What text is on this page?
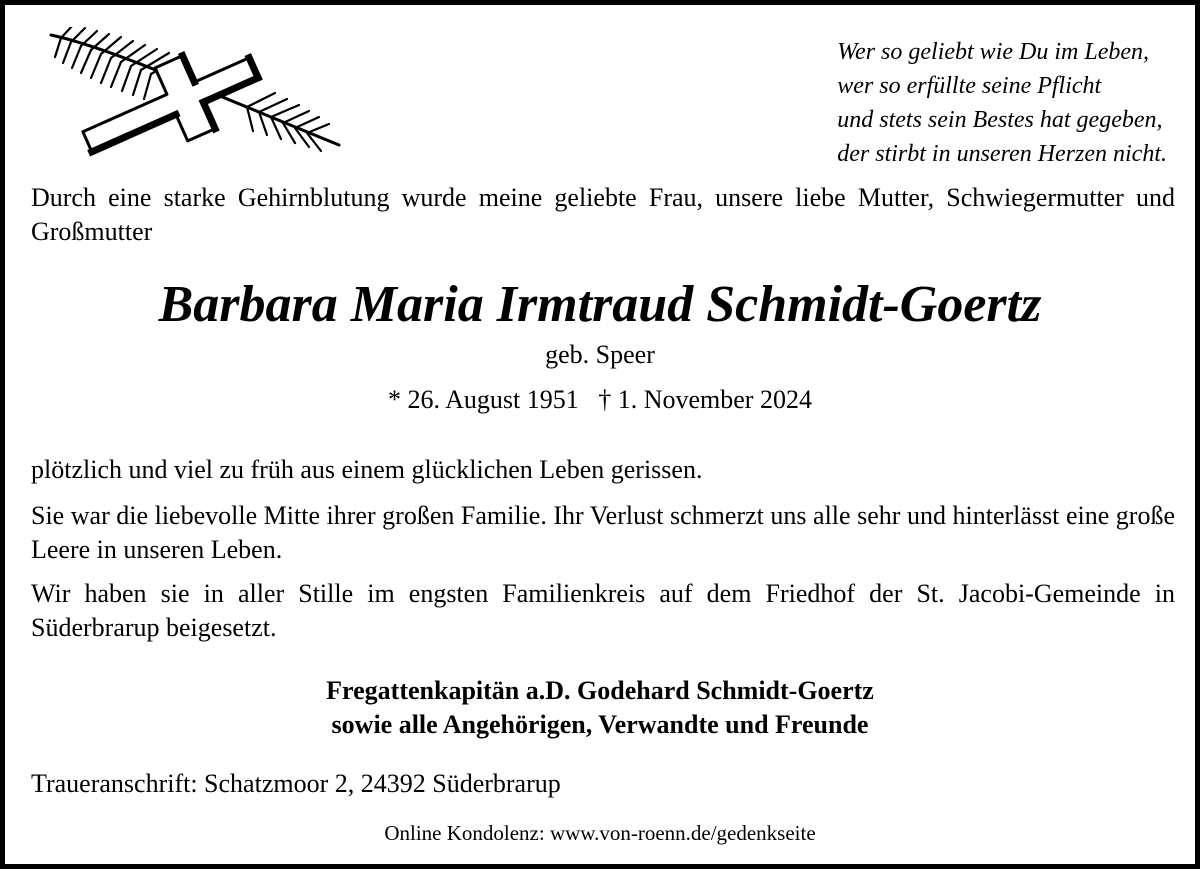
Wer so geliebt wie Du im Leben,
wer so erfüllte seine Pflicht
und stets sein Bestes hat gegeben,
der stirbt in unseren Herzen nicht.
Durch eine starke Gehirnblutung wurde meine geliebte Frau, unsere liebe Mutter, Schwiegermutter und Großmutter
Barbara Maria Irmtraud Schmidt-Goertz
geb. Speer
* 26. August 1951 † 1. November 2024
plötzlich und viel zu früh aus einem glücklichen Leben gerissen.
Sie war die liebevolle Mitte ihrer großen Familie. Ihr Verlust schmerzt uns alle sehr und hinterlässt eine große Leere in unseren Leben.
Wir haben sie in aller Stille im engsten Familienkreis auf dem Friedhof der St. Jacobi-Gemeinde in Süderbrarup beigesetzt.
Fregattenkapitän a.D. Godehard Schmidt-Goertz
sowie alle Angehörigen, Verwandte und Freunde
Traueranschrift: Schatzmoor 2, 24392 Süderbrarup
Online Kondolenz: www.von-roenn.de/gedenkseite
